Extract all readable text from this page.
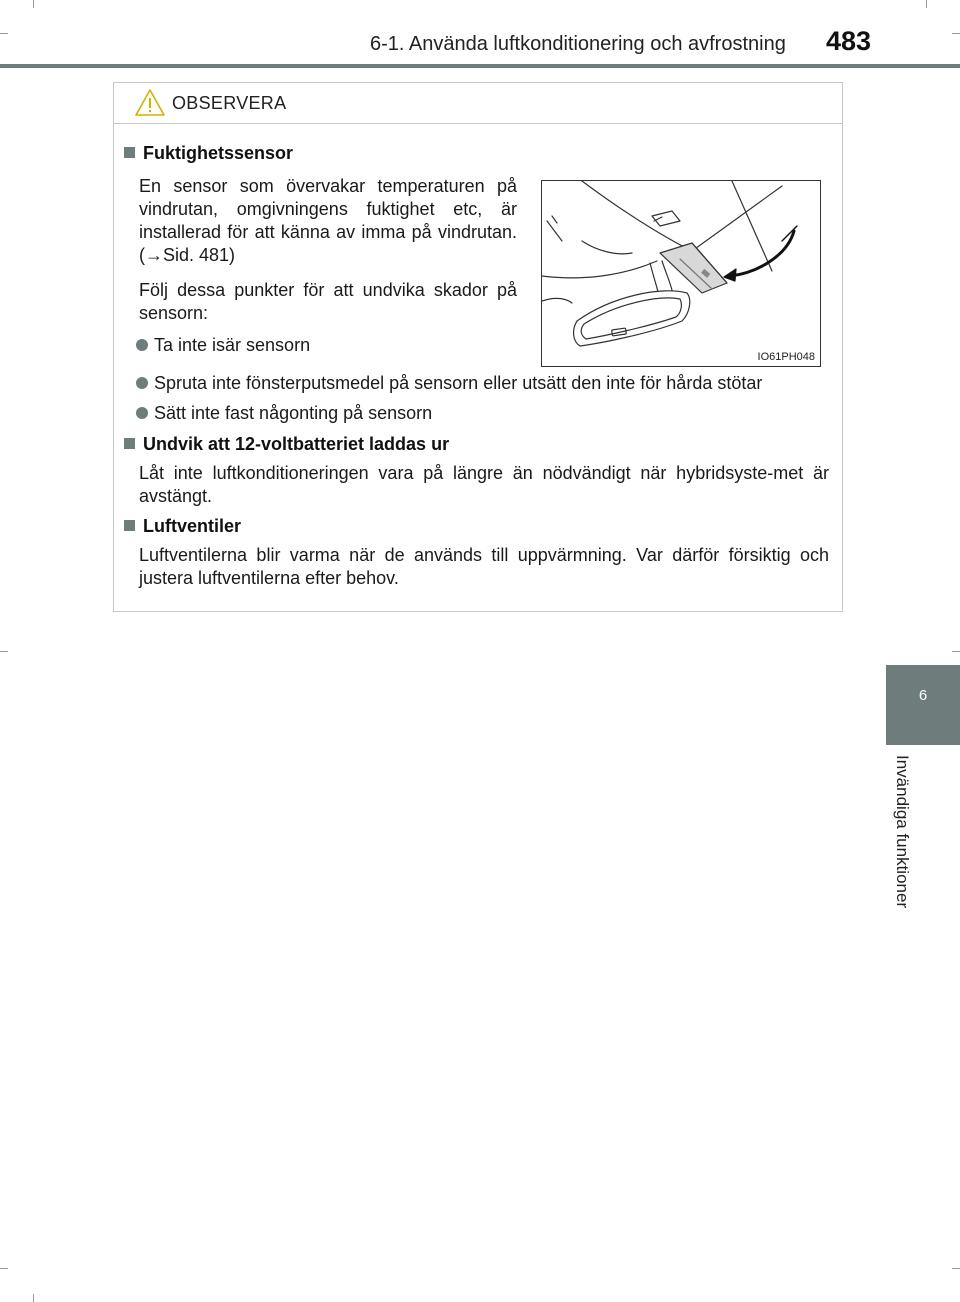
6-1. Använda luftkonditionering och avfrostning 483
6
Invändiga funktioner
OBSERVERA
Fuktighetssensor
En sensor som övervakar temperaturen på vindrutan, omgivningens fuktighet etc, är installerad för att känna av imma på vindrutan. (→Sid. 481)
Följ dessa punkter för att undvika skador på sensorn:
Ta inte isär sensorn
Spruta inte fönsterputsmedel på sensorn eller utsätt den inte för hårda stötar
Sätt inte fast någonting på sensorn
IO61PH048
Undvik att 12-voltbatteriet laddas ur
Låt inte luftkonditioneringen vara på längre än nödvändigt när hybridsyste-met är avstängt.
Luftventiler
Luftventilerna blir varma när de används till uppvärmning. Var därför försiktig och justera luftventilerna efter behov.
